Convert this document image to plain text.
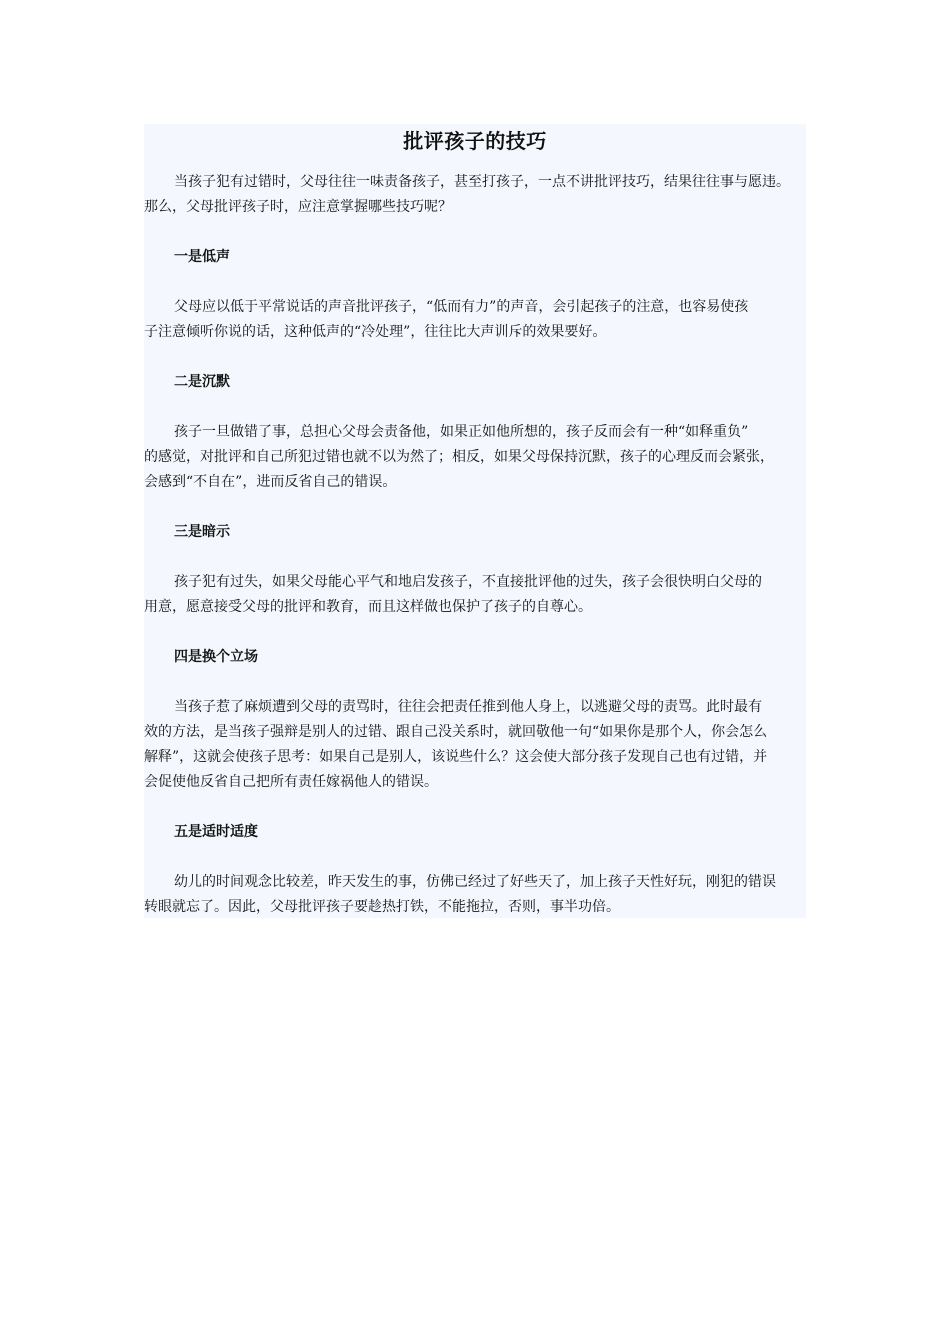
批评孩子的技巧
当孩子犯有过错时，父母往往一味责备孩子，甚至打孩子，一点不讲批评技巧，结果往往事与愿违。
那么，父母批评孩子时，应注意掌握哪些技巧呢？
一是低声
父母应以低于平常说话的声音批评孩子，“低而有力”的声音，会引起孩子的注意，也容易使孩
子注意倾听你说的话，这种低声的“冷处理”，往往比大声训斥的效果要好。
二是沉默
孩子一旦做错了事，总担心父母会责备他，如果正如他所想的，孩子反而会有一种“如释重负”
的感觉，对批评和自己所犯过错也就不以为然了；相反，如果父母保持沉默，孩子的心理反而会紧张，
会感到“不自在”，进而反省自己的错误。
三是暗示
孩子犯有过失，如果父母能心平气和地启发孩子，不直接批评他的过失，孩子会很快明白父母的
用意，愿意接受父母的批评和教育，而且这样做也保护了孩子的自尊心。
四是换个立场
当孩子惹了麻烦遭到父母的责骂时，往往会把责任推到他人身上，以逃避父母的责骂。此时最有
效的方法，是当孩子强辩是别人的过错、跟自己没关系时，就回敬他一句“如果你是那个人，你会怎么
解释”，这就会使孩子思考：如果自己是别人，该说些什么？这会使大部分孩子发现自己也有过错，并
会促使他反省自己把所有责任嫁祸他人的错误。
五是适时适度
幼儿的时间观念比较差，昨天发生的事，仿佛已经过了好些天了，加上孩子天性好玩，刚犯的错误
转眼就忘了。因此，父母批评孩子要趁热打铁，不能拖拉，否则，事半功倍。
